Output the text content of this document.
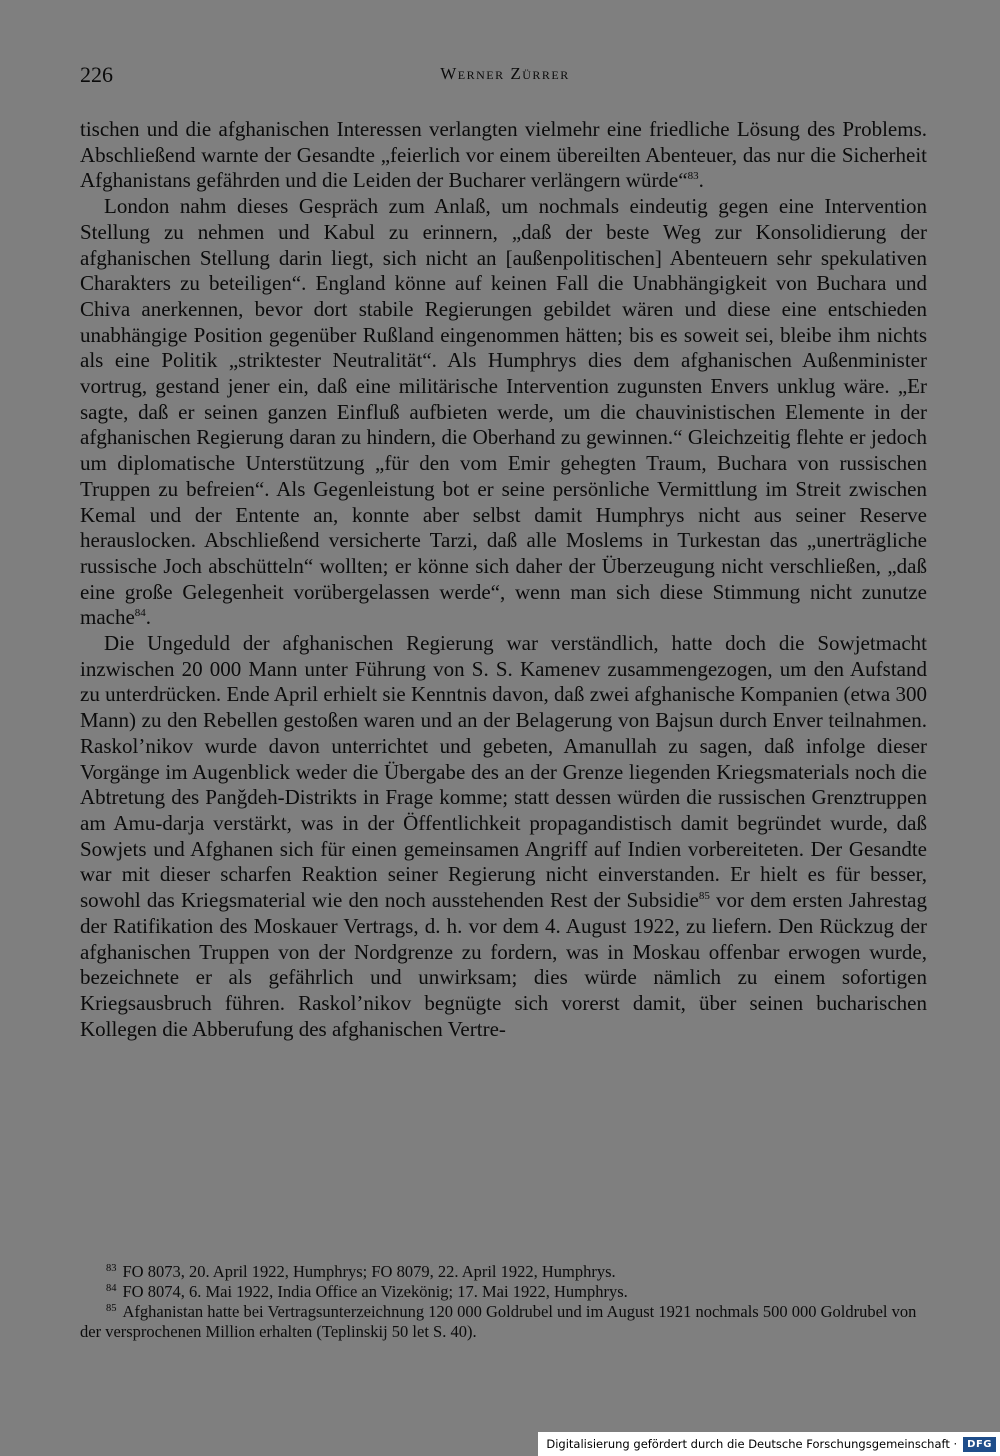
226	Werner Zürrer

tischen und die afghanischen Interessen verlangten vielmehr eine friedliche Lösung des Problems. Abschließend warnte der Gesandte „feierlich vor einem übereilten Abenteuer, das nur die Sicherheit Afghanistans gefährden und die Leiden der Bucharer verlängern würde“$^{83}$.

London nahm dieses Gespräch zum Anlaß, um nochmals eindeutig gegen eine Intervention Stellung zu nehmen und Kabul zu erinnern, „daß der beste Weg zur Konsolidierung der afghanischen Stellung darin liegt, sich nicht an [außenpolitischen] Abenteuern sehr spekulativen Charakters zu beteiligen“. England könne auf keinen Fall die Unabhängigkeit von Buchara und Chiva anerkennen, bevor dort stabile Regierungen gebildet wären und diese eine entschieden unabhängige Position gegenüber Rußland eingenommen hätten; bis es soweit sei, bleibe ihm nichts als eine Politik „striktester Neutralität“. Als Humphrys dies dem afghanischen Außenminister vortrug, gestand jener ein, daß eine militärische Intervention zugunsten Envers unklug wäre. „Er sagte, daß er seinen ganzen Einfluß aufbieten werde, um die chauvinistischen Elemente in der afghanischen Regierung daran zu hindern, die Oberhand zu gewinnen.“ Gleichzeitig flehte er jedoch um diplomatische Unterstützung „für den vom Emir gehegten Traum, Buchara von russischen Truppen zu befreien“. Als Gegenleistung bot er seine persönliche Vermittlung im Streit zwischen Kemal und der Entente an, konnte aber selbst damit Humphrys nicht aus seiner Reserve herauslocken. Abschließend versicherte Tarzi, daß alle Moslems in Turkestan das „unerträgliche russische Joch abschütteln“ wollten; er könne sich daher der Überzeugung nicht verschließen, „daß eine große Gelegenheit vorübergelassen werde“, wenn man sich diese Stimmung nicht zunutze mache$^{84}$.

Die Ungeduld der afghanischen Regierung war verständlich, hatte doch die Sowjetmacht inzwischen 20 000 Mann unter Führung von S. S. Kamenev zusammengezogen, um den Aufstand zu unterdrücken. Ende April erhielt sie Kenntnis davon, daß zwei afghanische Kompanien (etwa 300 Mann) zu den Rebellen gestoßen waren und an der Belagerung von Bajsun durch Enver teilnahmen. Raskol’nikov wurde davon unterrichtet und gebeten, Amanullah zu sagen, daß infolge dieser Vorgänge im Augenblick weder die Übergabe des an der Grenze liegenden Kriegsmaterials noch die Abtretung des Panǧdeh-Distrikts in Frage komme; statt dessen würden die russischen Grenztruppen am Amu-darja verstärkt, was in der Öffentlichkeit propagandistisch damit begründet wurde, daß Sowjets und Afghanen sich für einen gemeinsamen Angriff auf Indien vorbereiteten. Der Gesandte war mit dieser scharfen Reaktion seiner Regierung nicht einverstanden. Er hielt es für besser, sowohl das Kriegsmaterial wie den noch ausstehenden Rest der Subsidie$^{85}$ vor dem ersten Jahrestag der Ratifikation des Moskauer Vertrags, d. h. vor dem 4. August 1922, zu liefern. Den Rückzug der afghanischen Truppen von der Nordgrenze zu fordern, was in Moskau offenbar erwogen wurde, bezeichnete er als gefährlich und unwirksam; dies würde nämlich zu einem sofortigen Kriegsausbruch führen. Raskol’nikov begnügte sich vorerst damit, über seinen bucharischen Kollegen die Abberufung des afghanischen Vertre-

$^{83}$ FO 8073, 20. April 1922, Humphrys; FO 8079, 22. April 1922, Humphrys.

$^{84}$ FO 8074, 6. Mai 1922, India Office an Vizekönig; 17. Mai 1922, Humphrys.

$^{85}$ Afghanistan hatte bei Vertragsunterzeichnung 120 000 Goldrubel und im August 1921 nochmals 500 000 Goldrubel von der versprochenen Million erhalten (Teplinskij 50 let S. 40).

Digitalisierung gefördert durch die Deutsche Forschungsgemeinschaft ·	DFG
